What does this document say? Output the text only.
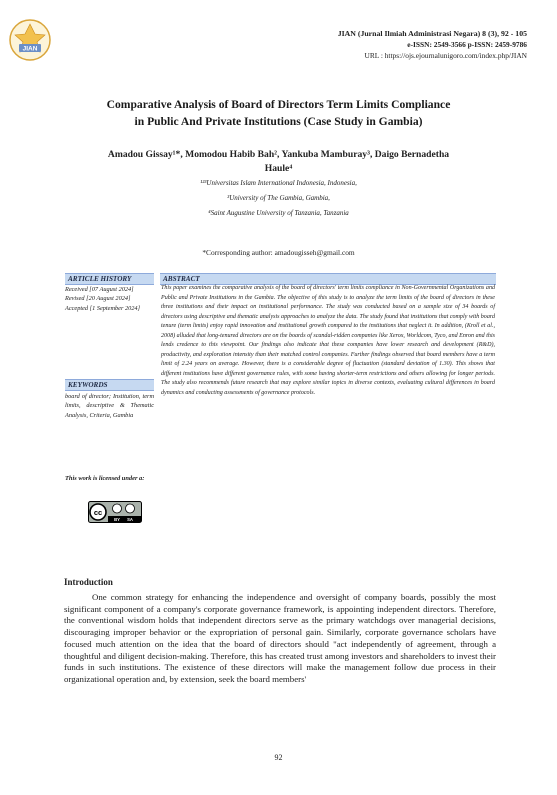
JIAN
JIAN (Jurnal Ilmiah Administrasi Negara) 8 (3), 92 - 105
e-ISSN: 2549-3566 p-ISSN: 2459-9786
URL : https://ojs.ejournalunigoro.com/index.php/JIAN
Comparative Analysis of Board of Directors Term Limits Compliance
in Public And Private Institutions (Case Study in Gambia)
Amadou Gissay¹*, Momodou Habib Bah², Yankuba Mamburay³, Daigo Bernadetha
Haule⁴
¹²³Universitas Islam International Indonesia, Indonesia,
³University of The Gambia, Gambia,
⁴Saint Augustine University of Tanzania, Tanzania
*Corresponding author: amadougisseh@gmail.com
ARTICLE HISTORY
Received [07 August 2024]
Revised [20 August 2024]
Accepted [1 September 2024]
KEYWORDS
board of director; Institution, term limits, descriptive & Thematic Analysis, Criteria, Gambia
This work is licensed under a:
cc
BY SA
ABSTRACT
This paper examines the comparative analysis of the board of directors' term limits compliance in Non-Governmental Organizations and Public and Private Institutions in the Gambia. The objective of this study is to analyze the term limits of the board of directors in these three institutions and their impact on institutional performance. The study was conducted based on a sample size of 34 boards of directors using descriptive and thematic analysis approaches to analyze the data. The study found that institutions that comply with board tenure (term limits) enjoy rapid innovation and institutional growth compared to the institutions that neglect it. In addition, (Kroll et al., 2008) alluded that long-tenured directors are on the boards of scandal-ridden companies like Xerox, Worldcom, Tyco, and Enron and this lends credence to this viewpoint. Our findings also indicate that these companies have lower research and development (R&D), productivity, and exploration intensity than their matched control companies. Further findings observed that board members have a term limit of 2.24 years on average. However, there is a considerable degree of fluctuation (standard deviation of 1.30). This shows that different institutions have different governance rules, with some having shorter-term restrictions and others allowing for longer periods. The study also recommends future research that may explore similar topics in diverse contexts, evaluating cultural differences in board dynamics and conducting assessments of governance protocols.
Introduction
One common strategy for enhancing the independence and oversight of company boards, possibly the most significant component of a company's corporate governance framework, is appointing independent directors. Therefore, the conventional wisdom holds that independent directors serve as the primary watchdogs over managerial decisions, discouraging improper behavior or the expropriation of personal gain. Similarly, corporate governance scholars have focused much attention on the idea that the board of directors should "act independently of agreement, through a thoughtful and diligent decision-making. Therefore, this has created trust among investors and shareholders to invest their funds in such institutions. The existence of these directors will make the management follow due process in their organizational operation and, by extension, seek the board members'
92
